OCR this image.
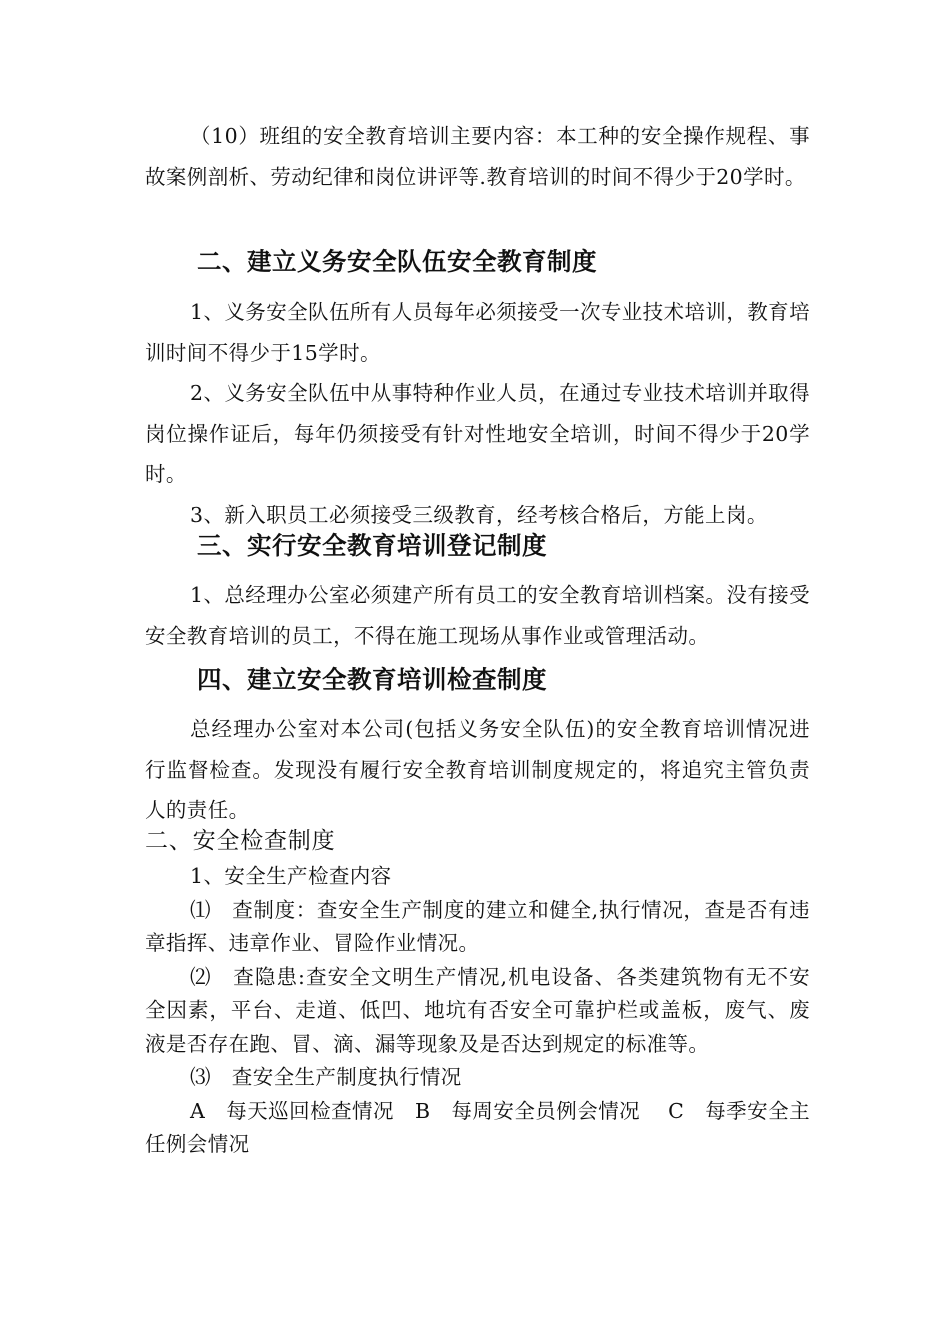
（10）班组的安全教育培训主要内容：本工种的安全操作规程、事故案例剖析、劳动纪律和岗位讲评等.教育培训的时间不得少于20学时。

二、建立义务安全队伍安全教育制度

1、义务安全队伍所有人员每年必须接受一次专业技术培训，教育培训时间不得少于15学时。

2、义务安全队伍中从事特种作业人员，在通过专业技术培训并取得岗位操作证后，每年仍须接受有针对性地安全培训，时间不得少于20学时。

3、新入职员工必须接受三级教育，经考核合格后，方能上岗。

三、实行安全教育培训登记制度

1、总经理办公室必须建产所有员工的安全教育培训档案。没有接受安全教育培训的员工，不得在施工现场从事作业或管理活动。

四、建立安全教育培训检查制度

总经理办公室对本公司(包括义务安全队伍)的安全教育培训情况进行监督检查。发现没有履行安全教育培训制度规定的，将追究主管负责人的责任。

二、安全检查制度

1、安全生产检查内容

⑴　查制度：查安全生产制度的建立和健全,执行情况，查是否有违章指挥、违章作业、冒险作业情况。

⑵　查隐患:查安全文明生产情况,机电设备、各类建筑物有无不安全因素，平台、走道、低凹、地坑有否安全可靠护栏或盖板，废气、废液是否存在跑、冒、滴、漏等现象及是否达到规定的标准等。

⑶　查安全生产制度执行情况

A　每天巡回检查情况　B　每周安全员例会情况　 C　每季安全主任例会情况
